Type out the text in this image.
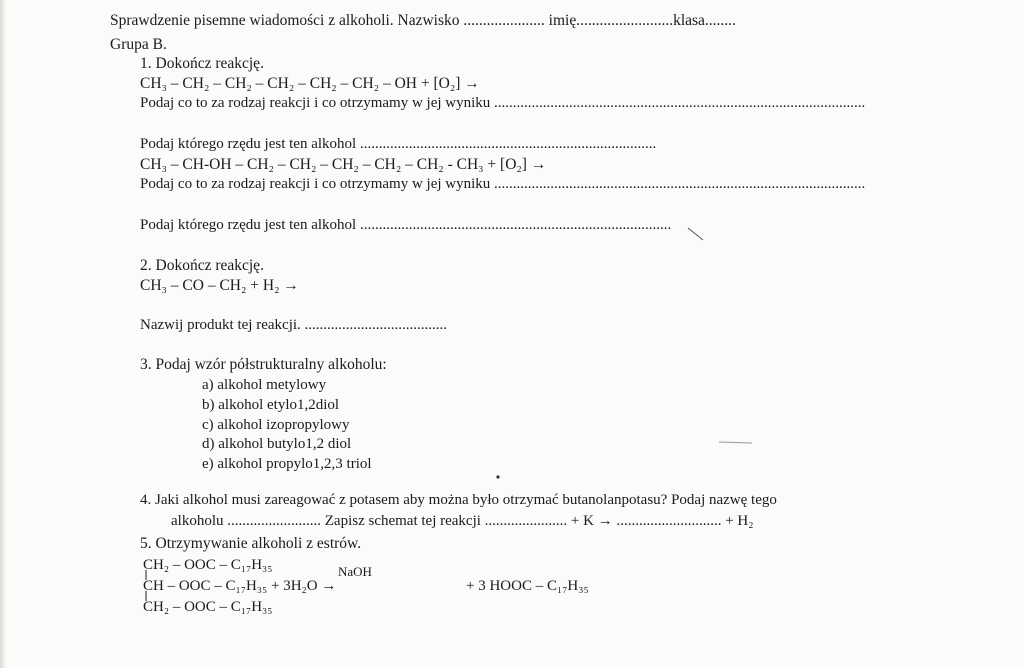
Sprawdzenie pisemne wiadomości z alkoholi. Nazwisko ..................... imię.........................klasa........
Grupa B.
1. Dokończ reakcję.
CH₃ – CH₂ – CH₂ – CH₂ – CH₂ – CH₂ – OH + [O₂] →
Podaj co to za rodzaj reakcji i co otrzymamy w jej wyniku ...................................................................................................
Podaj którego rzędu jest ten alkohol ...............................................................................
CH₃ – CH-OH – CH₂ – CH₂ – CH₂ – CH₂ – CH₂ - CH₃ + [O₂] →
Podaj co to za rodzaj reakcji i co otrzymamy w jej wyniku ...................................................................................................
Podaj którego rzędu jest ten alkohol ...................................................................................
2. Dokończ reakcję.
CH₃ – CO – CH₂ + H₂ →
Nazwij produkt tej reakcji. ......................................
3. Podaj wzór półstrukturalny alkoholu:
a) alkohol metylowy
b) alkohol etylo1,2diol
c) alkohol izopropylowy
d) alkohol butylo1,2 diol
e) alkohol propylo1,2,3 triol
4. Jaki alkohol musi zareagować z potasem aby można było otrzymać butanolanpotasu? Podaj nazwę tego
alkoholu ......................... Zapisz schemat tej reakcji ...................... + K → ............................ + H₂
5. Otrzymywanie alkoholi z estrów.
CH₂ – OOC – C₁₇H₃₅	NaOH
CH – OOC – C₁₇H₃₅ + 3H₂O →	+ 3 HOOC – C₁₇H₃₅
CH₂ – OOC – C₁₇H₃₅
